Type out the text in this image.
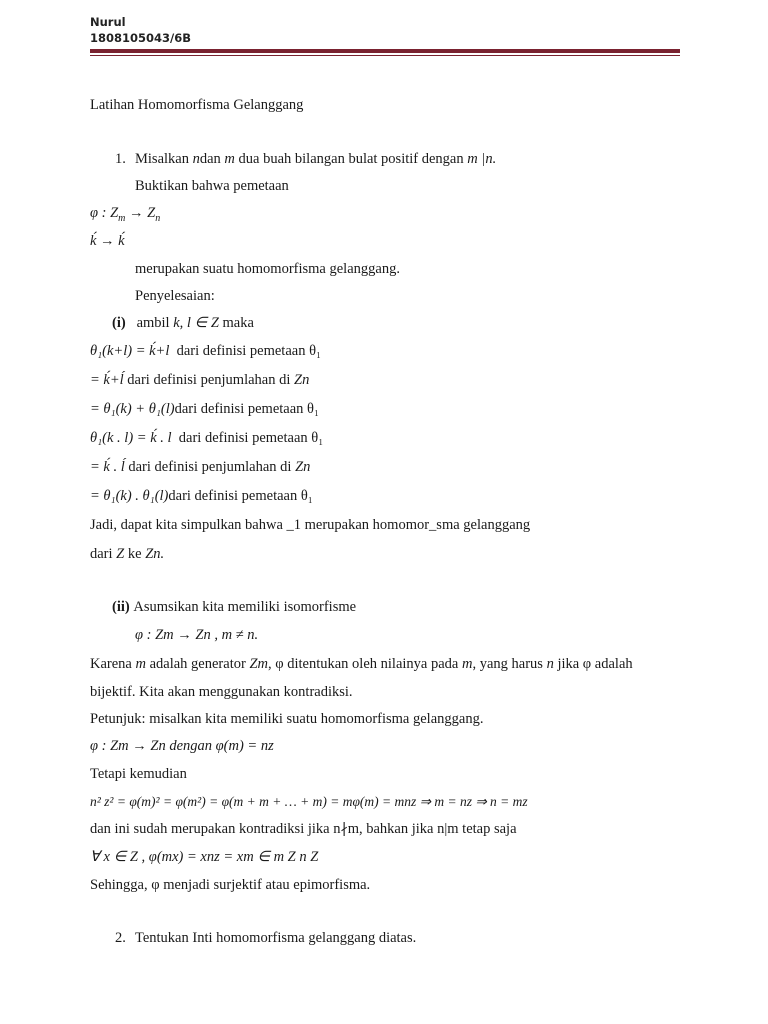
Nurul
1808105043/6B
Latihan Homomorfisma Gelanggang
1. Misalkan ndan m dua buah bilangan bulat positif dengan m |n.
Buktikan bahwa pemetaan
φ : $Z_m \to Z_n$
ḱ → ḱ
merupakan suatu homomorfisma gelanggang.
Penyelesaian:
(i) ambil k, l ∈ Z maka
θ₁(k+l) = ḱ+l dari definisi pemetaan θ₁
= ḱ+ĺ dari definisi penjumlahan di Zn
= θ₁(k) + θ₁(l)dari definisi pemetaan θ₁
θ₁(k . l) = ḱ . l dari definisi pemetaan θ₁
= ḱ . ĺ dari definisi penjumlahan di Zn
= θ₁(k) . θ₁(l)dari definisi pemetaan θ₁
Jadi, dapat kita simpulkan bahwa _1 merupakan homomor_sma gelanggang
dari Z ke Zn.
(ii) Asumsikan kita memiliki isomorfisme
φ : Zm → Zn , m ≠ n.
Karena m adalah generator Zm, φ ditentukan oleh nilainya pada m, yang harus n jika φ adalah
bijektif. Kita akan menggunakan kontradiksi.
Petunjuk: misalkan kita memiliki suatu homomorfisma gelanggang.
φ : Zm → Zn dengan φ(m) = nz
Tetapi kemudian
n² z² = φ(m)² = φ(m²) = φ(m + m + … + m) = mφ(m) = mnz ⇒ m = nz ⇒ n = mz
dan ini sudah merupakan kontradiksi jika n∤m, bahkan jika n|m tetap saja
∀ x ∈ Z , φ(mx) = xnz = xm ∈ m Z n Z
Sehingga, φ menjadi surjektif atau epimorfisma.
2. Tentukan Inti homomorfisma gelanggang diatas.
